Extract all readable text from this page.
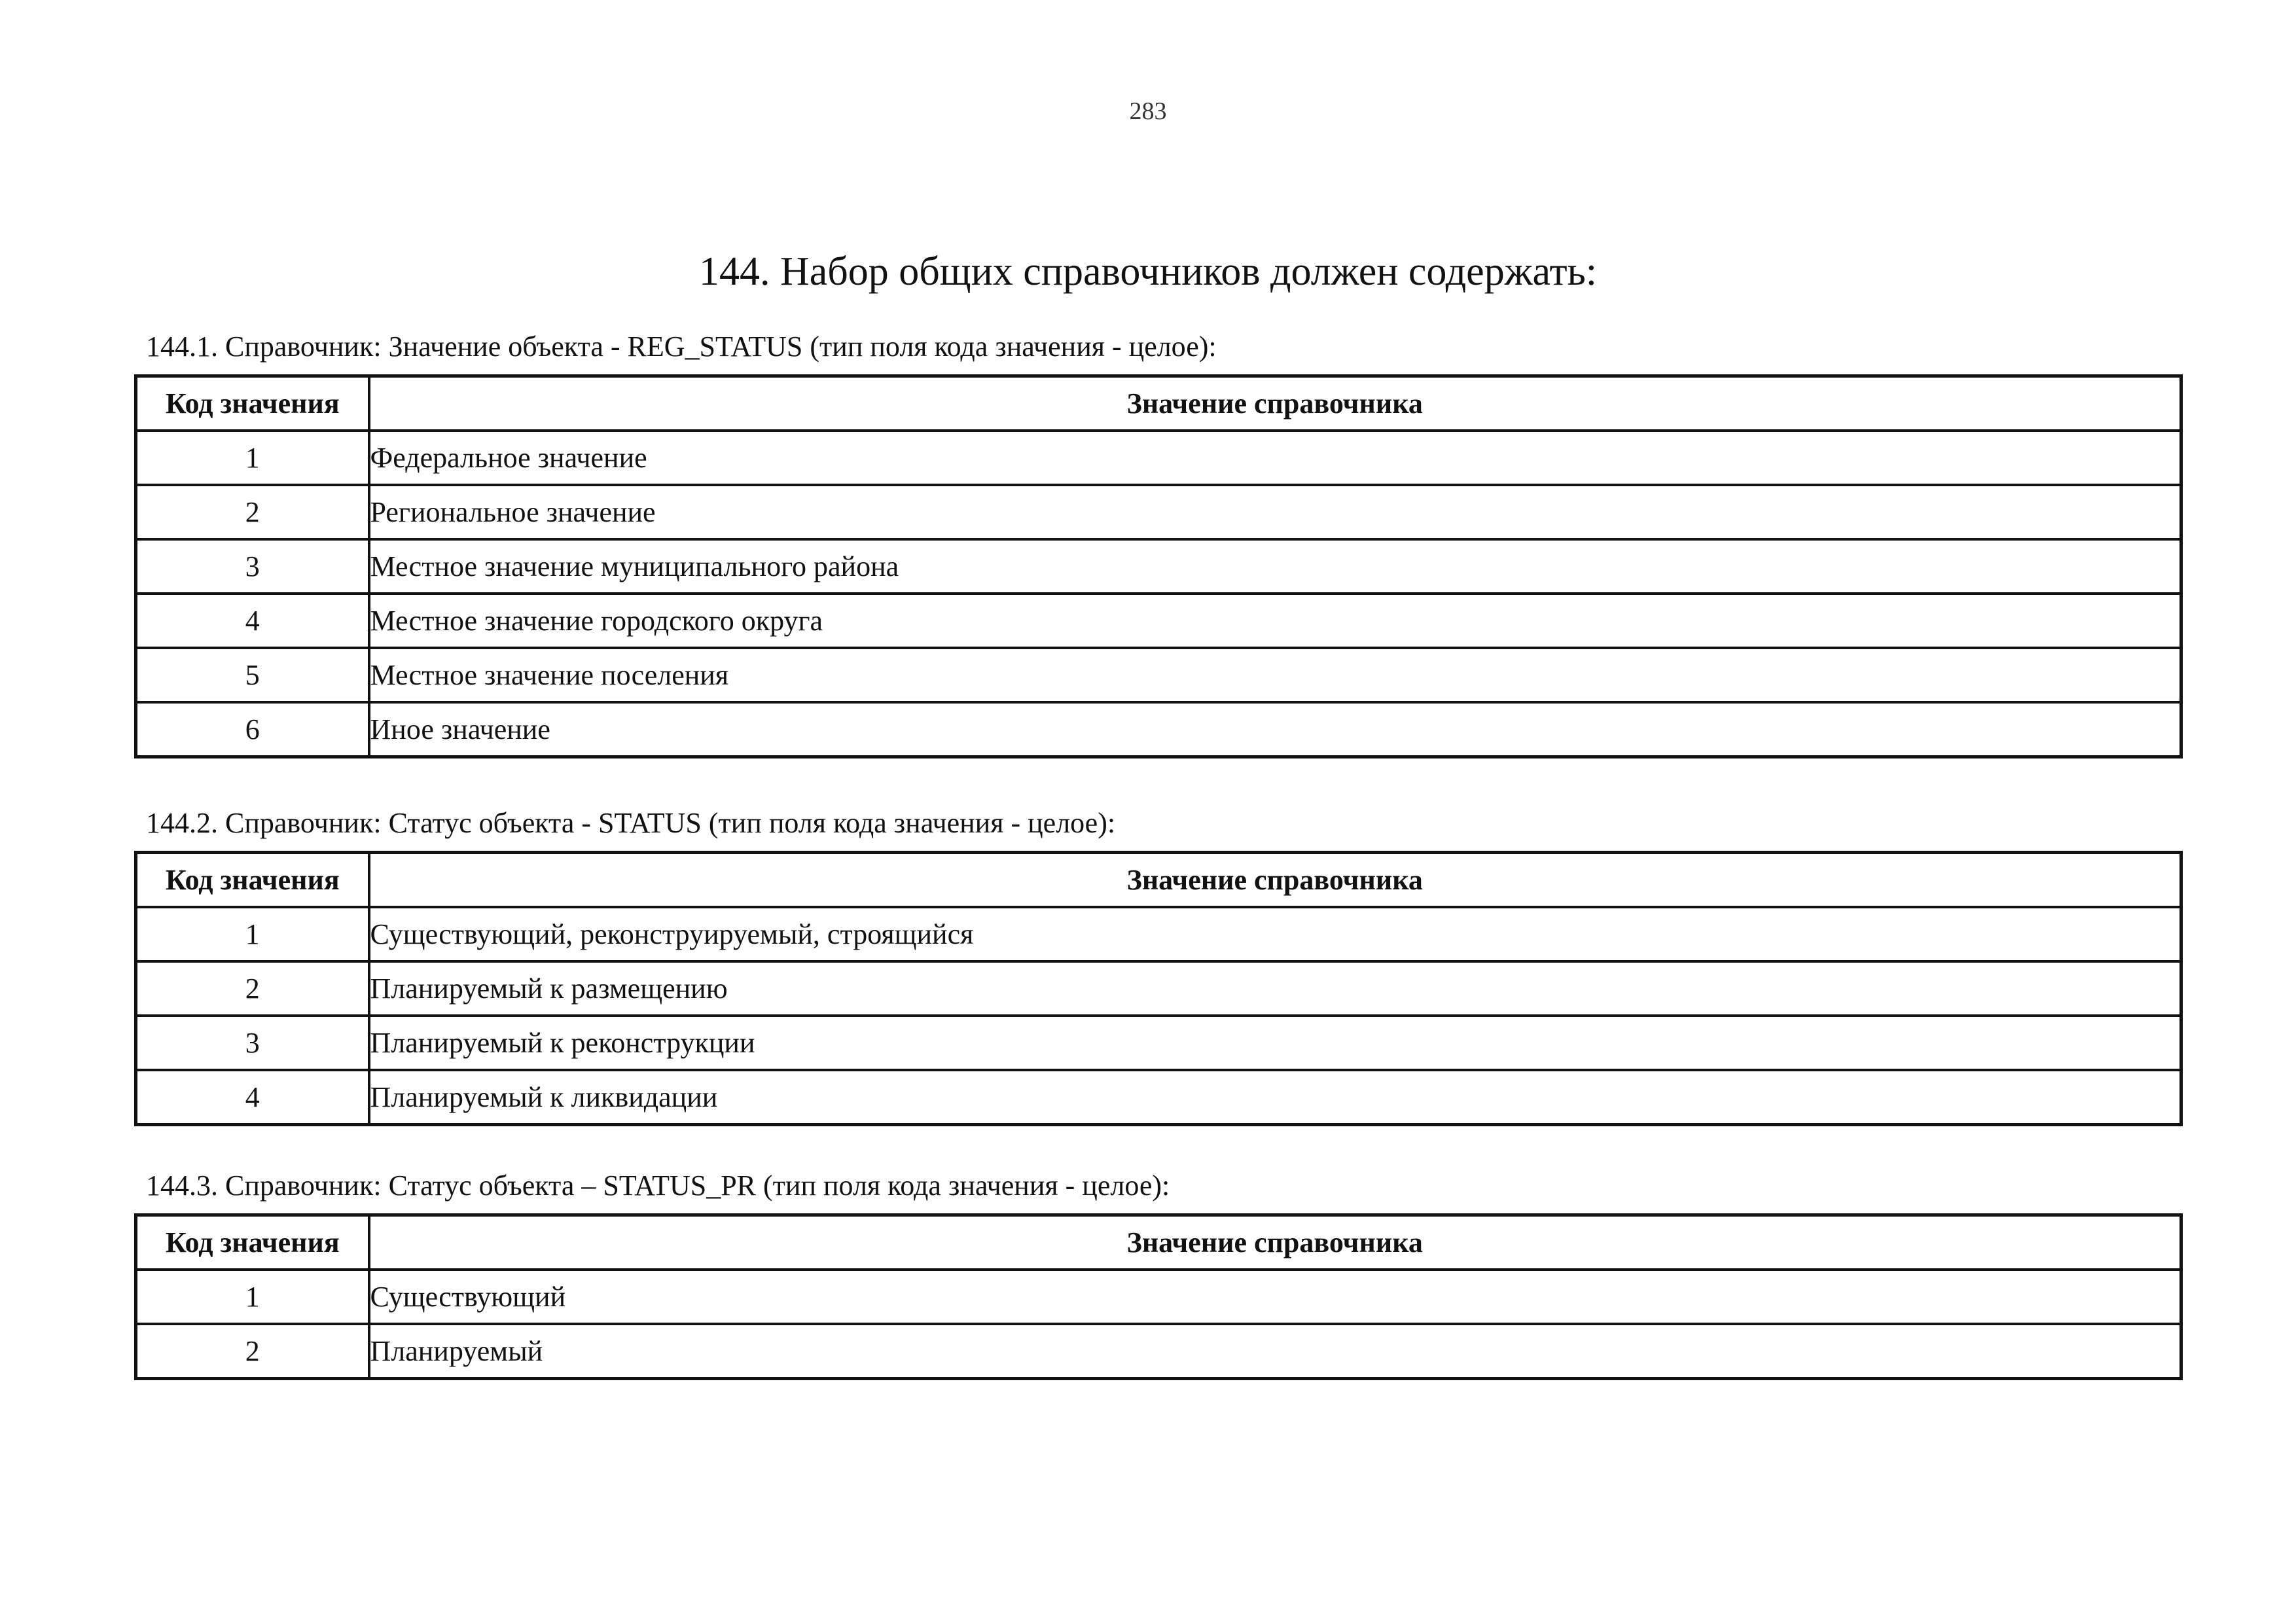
283
144. Набор общих справочников должен содержать:
144.1. Справочник: Значение объекта - REG_STATUS (тип поля кода значения - целое):
Код значения	Значение справочника
1	Федеральное значение
2	Региональное значение
3	Местное значение муниципального района
4	Местное значение городского округа
5	Местное значение поселения
6	Иное значение
144.2. Справочник: Статус объекта - STATUS (тип поля кода значения - целое):
Код значения	Значение справочника
1	Существующий, реконструируемый, строящийся
2	Планируемый к размещению
3	Планируемый к реконструкции
4	Планируемый к ликвидации
144.3. Справочник: Статус объекта – STATUS_PR (тип поля кода значения - целое):
Код значения	Значение справочника
1	Существующий
2	Планируемый
